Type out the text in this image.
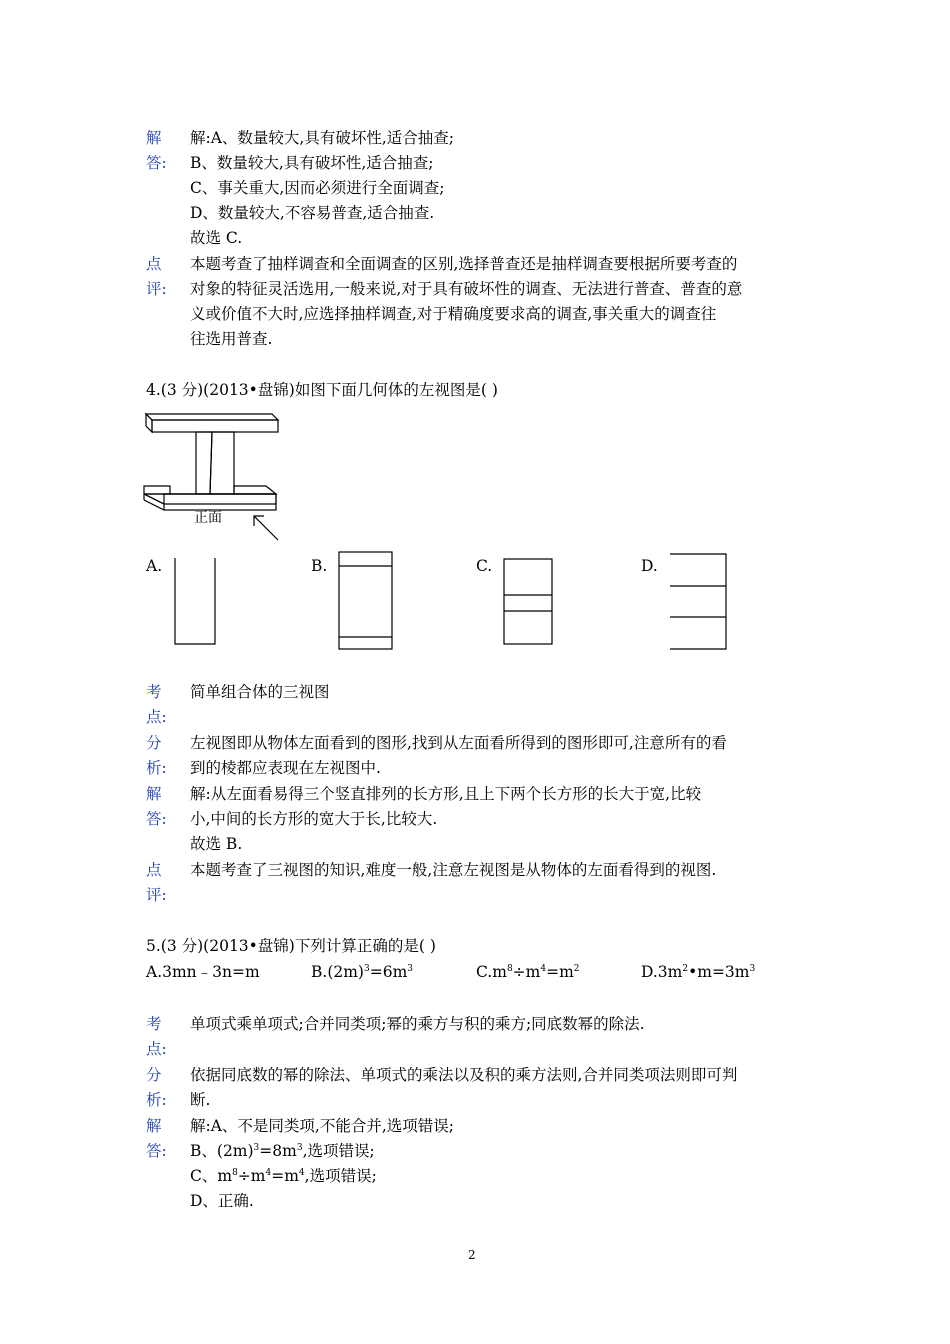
解
答:
解:A、数量较大,具有破坏性,适合抽查;
B、数量较大,具有破坏性,适合抽查;
C、事关重大,因而必须进行全面调查;
D、数量较大,不容易普查,适合抽查.
故选 C.
点
评:
本题考查了抽样调查和全面调查的区别,选择普查还是抽样调查要根据所要考查的
对象的特征灵活选用,一般来说,对于具有破坏性的调查、无法进行普查、普查的意
义或价值不大时,应选择抽样调查,对于精确度要求高的调查,事关重大的调查往
往选用普查.
4.(3 分)(2013•盘锦)如图下面几何体的左视图是( )
正面
A.	B.	C.	D.
考
点:
简单组合体的三视图
分
析:
左视图即从物体左面看到的图形,找到从左面看所得到的图形即可,注意所有的看
到的棱都应表现在左视图中.
解
答:
解:从左面看易得三个竖直排列的长方形,且上下两个长方形的长大于宽,比较
小,中间的长方形的宽大于长,比较大.
故选 B.
点
评:
本题考查了三视图的知识,难度一般,注意左视图是从物体的左面看得到的视图.
5.(3 分)(2013•盘锦)下列计算正确的是( )
A.3mn﹣3n=m	$B.(2m)^3=6m^3$	$C.m^8\div m^4=m^2$	$D.3m^2•m=3m^3$
考
点:
单项式乘单项式;合并同类项;幂的乘方与积的乘方;同底数幂的除法.
分
析:
依据同底数的幂的除法、单项式的乘法以及积的乘方法则,合并同类项法则即可判
断.
解
答:
解:A、不是同类项,不能合并,选项错误;
B、$(2m)^3=8m^3$,选项错误;
C、$m^8\div m^4=m^4$,选项错误;
D、正确.
2
